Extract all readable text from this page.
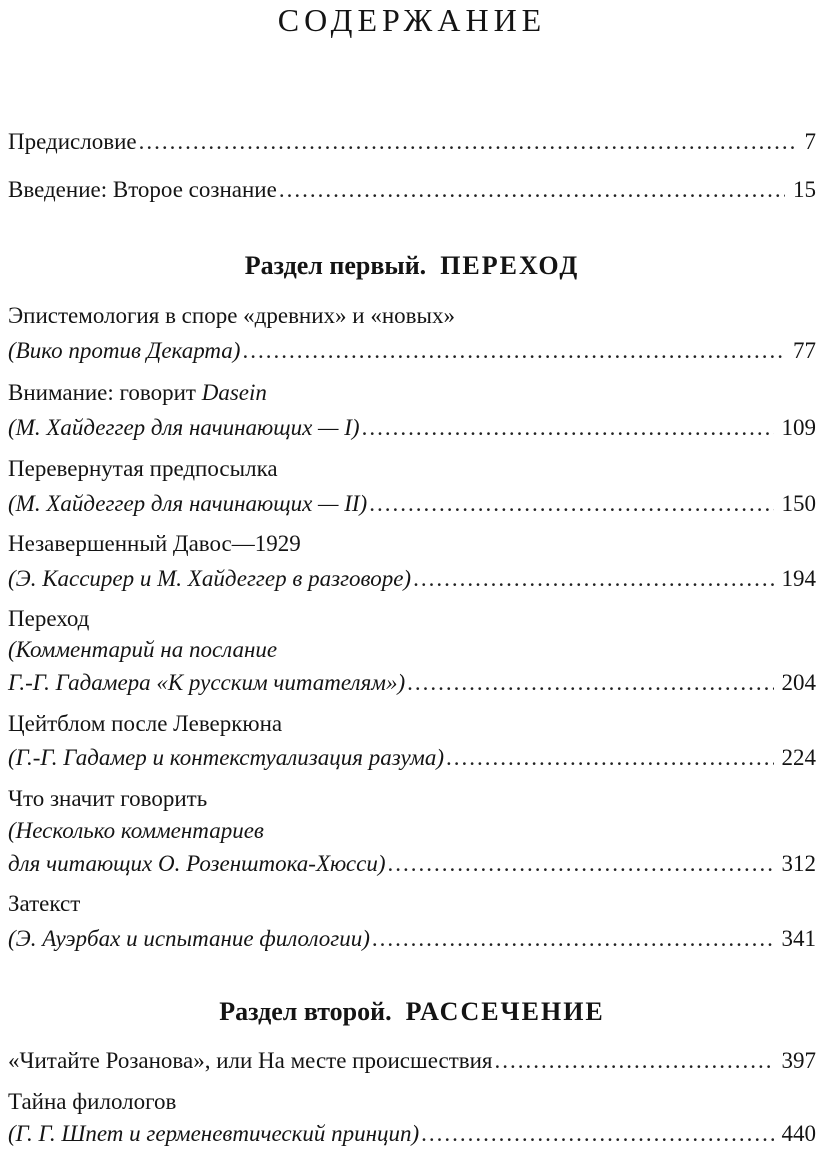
СОДЕРЖАНИЕ
Предисловие .....	7
Введение: Второе сознание .....	15
Раздел первый. ПЕРЕХОД
Эпистемология в споре «древних» и «новых»
(Вико против Декарта) .....	77
Внимание: говорит Dasein
(М. Хайдеггер для начинающих — I) .....	109
Перевернутая предпосылка
(М. Хайдеггер для начинающих — II) .....	150
Незавершенный Давос—1929
(Э. Кассирер и М. Хайдеггер в разговоре) .....	194
Переход
(Комментарий на послание
Г.-Г. Гадамера «К русским читателям») .....	204
Цейтблом после Леверкюна
(Г.-Г. Гадамер и контекстуализация разума) .....	224
Что значит говорить
(Несколько комментариев
для читающих О. Розенштока-Хюсси) .....	312
Затекст
(Э. Ауэрбах и испытание филологии) .....	341
Раздел второй. РАССЕЧЕНИЕ
«Читайте Розанова», или На месте происшествия .....	397
Тайна филологов
(Г. Г. Шпет и герменевтический принцип) .....	440
